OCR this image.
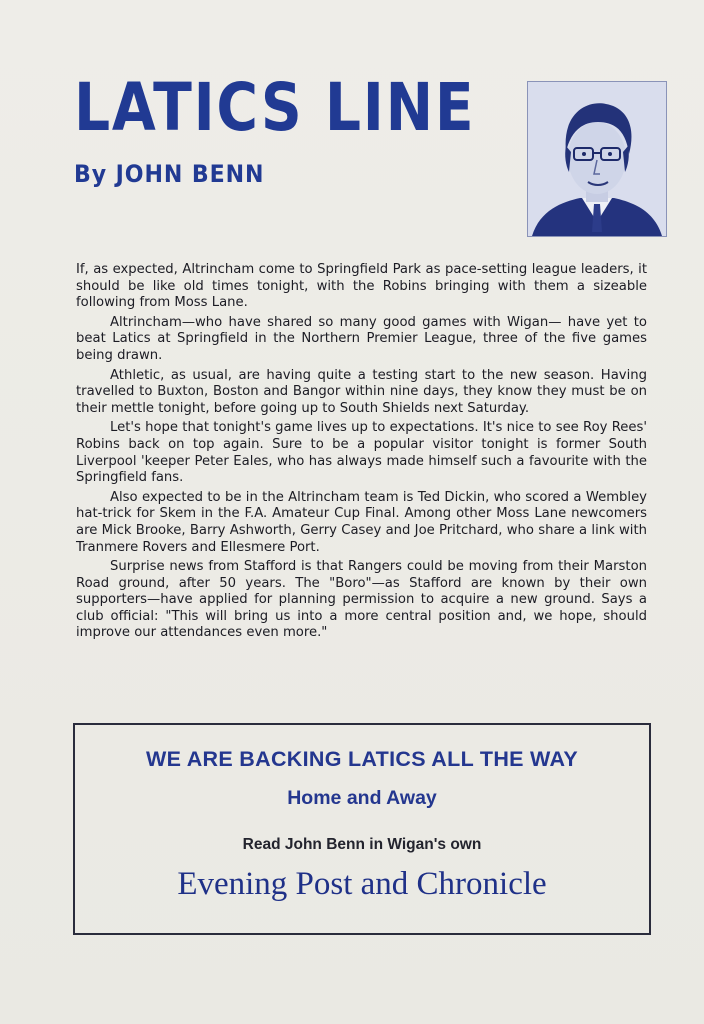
LATICS LINE
By JOHN BENN

If, as expected, Altrincham come to Springfield Park as pace-setting league leaders, it should be like old times tonight, with the Robins bringing with them a sizeable following from Moss Lane.

Altrincham—who have shared so many good games with Wigan— have yet to beat Latics at Springfield in the Northern Premier League, three of the five games being drawn.

Athletic, as usual, are having quite a testing start to the new season. Having travelled to Buxton, Boston and Bangor within nine days, they know they must be on their mettle tonight, before going up to South Shields next Saturday.

Let's hope that tonight's game lives up to expectations. It's nice to see Roy Rees' Robins back on top again. Sure to be a popular visitor tonight is former South Liverpool 'keeper Peter Eales, who has always made himself such a favourite with the Springfield fans.

Also expected to be in the Altrincham team is Ted Dickin, who scored a Wembley hat-trick for Skem in the F.A. Amateur Cup Final. Among other Moss Lane newcomers are Mick Brooke, Barry Ashworth, Gerry Casey and Joe Pritchard, who share a link with Tranmere Rovers and Ellesmere Port.

Surprise news from Stafford is that Rangers could be moving from their Marston Road ground, after 50 years. The "Boro"—as Stafford are known by their own supporters—have applied for planning permission to acquire a new ground. Says a club official: "This will bring us into a more central position and, we hope, should improve our attendances even more."

WE ARE BACKING LATICS ALL THE WAY
Home and Away
Read John Benn in Wigan's own
Evening Post and Chronicle
